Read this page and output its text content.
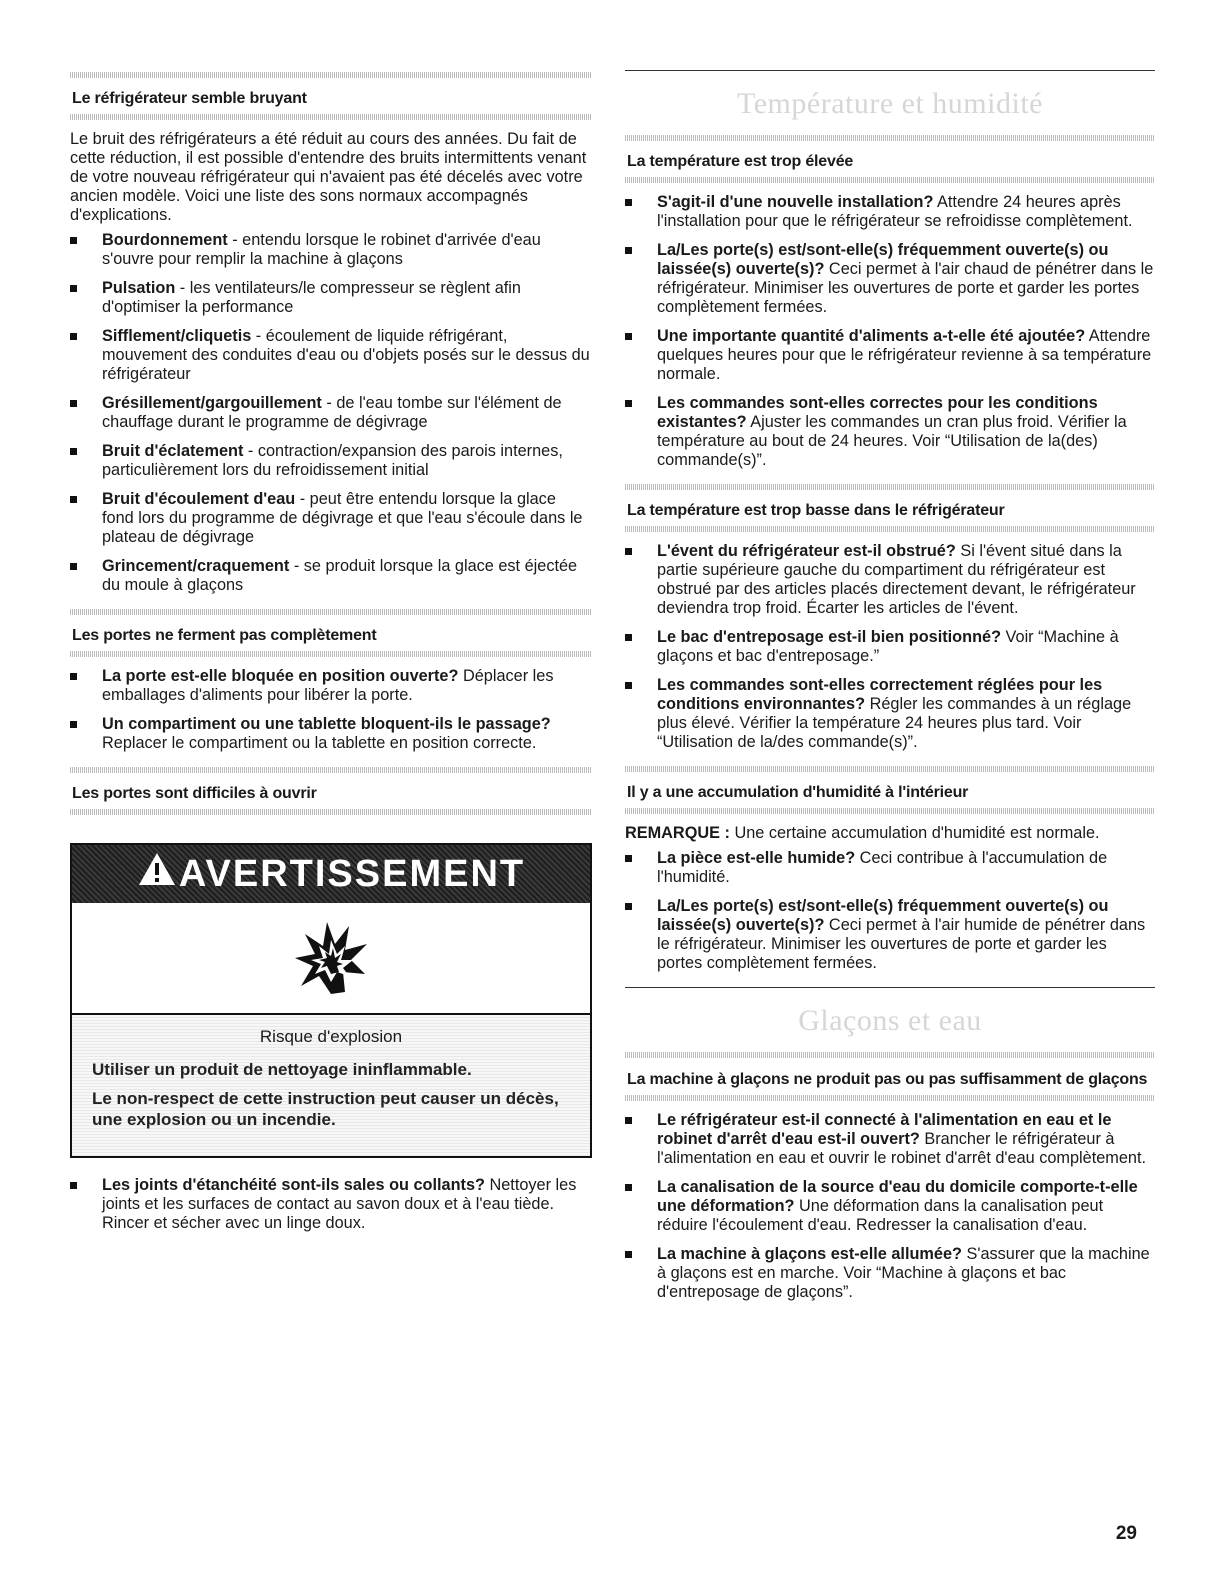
Le réfrigérateur semble bruyant

Le bruit des réfrigérateurs a été réduit au cours des années. Du fait de cette réduction, il est possible d'entendre des bruits intermittents venant de votre nouveau réfrigérateur qui n'avaient pas été décelés avec votre ancien modèle. Voici une liste des sons normaux accompagnés d'explications.

Bourdonnement - entendu lorsque le robinet d'arrivée d'eau s'ouvre pour remplir la machine à glaçons
Pulsation - les ventilateurs/le compresseur se règlent afin d'optimiser la performance
Sifflement/cliquetis - écoulement de liquide réfrigérant, mouvement des conduites d'eau ou d'objets posés sur le dessus du réfrigérateur
Grésillement/gargouillement - de l'eau tombe sur l'élément de chauffage durant le programme de dégivrage
Bruit d'éclatement - contraction/expansion des parois internes, particulièrement lors du refroidissement initial
Bruit d'écoulement d'eau - peut être entendu lorsque la glace fond lors du programme de dégivrage et que l'eau s'écoule dans le plateau de dégivrage
Grincement/craquement - se produit lorsque la glace est éjectée du moule à glaçons
Les portes ne ferment pas complètement
La porte est-elle bloquée en position ouverte? Déplacer les emballages d'aliments pour libérer la porte.
Un compartiment ou une tablette bloquent-ils le passage? Replacer le compartiment ou la tablette en position correcte.
Les portes sont difficiles à ouvrir
AVERTISSEMENT
Risque d'explosion
Utiliser un produit de nettoyage ininflammable.
Le non-respect de cette instruction peut causer un décès, une explosion ou un incendie.
Les joints d'étanchéité sont-ils sales ou collants? Nettoyer les joints et les surfaces de contact au savon doux et à l'eau tiède. Rincer et sécher avec un linge doux.
Température et humidité
La température est trop élevée
S'agit-il d'une nouvelle installation? Attendre 24 heures après l'installation pour que le réfrigérateur se refroidisse complètement.
La/Les porte(s) est/sont-elle(s) fréquemment ouverte(s) ou laissée(s) ouverte(s)? Ceci permet à l'air chaud de pénétrer dans le réfrigérateur. Minimiser les ouvertures de porte et garder les portes complètement fermées.
Une importante quantité d'aliments a-t-elle été ajoutée? Attendre quelques heures pour que le réfrigérateur revienne à sa température normale.
Les commandes sont-elles correctes pour les conditions existantes? Ajuster les commandes un cran plus froid. Vérifier la température au bout de 24 heures. Voir “Utilisation de la(des) commande(s)”.
La température est trop basse dans le réfrigérateur
L'évent du réfrigérateur est-il obstrué? Si l'évent situé dans la partie supérieure gauche du compartiment du réfrigérateur est obstrué par des articles placés directement devant, le réfrigérateur deviendra trop froid. Écarter les articles de l'évent.
Le bac d'entreposage est-il bien positionné? Voir “Machine à glaçons et bac d'entreposage.”
Les commandes sont-elles correctement réglées pour les conditions environnantes? Régler les commandes à un réglage plus élevé. Vérifier la température 24 heures plus tard. Voir “Utilisation de la/des commande(s)”.
Il y a une accumulation d'humidité à l'intérieur

REMARQUE : Une certaine accumulation d'humidité est normale.

La pièce est-elle humide? Ceci contribue à l'accumulation de l'humidité.
La/Les porte(s) est/sont-elle(s) fréquemment ouverte(s) ou laissée(s) ouverte(s)? Ceci permet à l'air humide de pénétrer dans le réfrigérateur. Minimiser les ouvertures de porte et garder les portes complètement fermées.
Glaçons et eau
La machine à glaçons ne produit pas ou pas suffisamment de glaçons
Le réfrigérateur est-il connecté à l'alimentation en eau et le robinet d'arrêt d'eau est-il ouvert? Brancher le réfrigérateur à l'alimentation en eau et ouvrir le robinet d'arrêt d'eau complètement.
La canalisation de la source d'eau du domicile comporte-t-elle une déformation? Une déformation dans la canalisation peut réduire l'écoulement d'eau. Redresser la canalisation d'eau.
La machine à glaçons est-elle allumée? S'assurer que la machine à glaçons est en marche. Voir “Machine à glaçons et bac d'entreposage de glaçons”.
29
